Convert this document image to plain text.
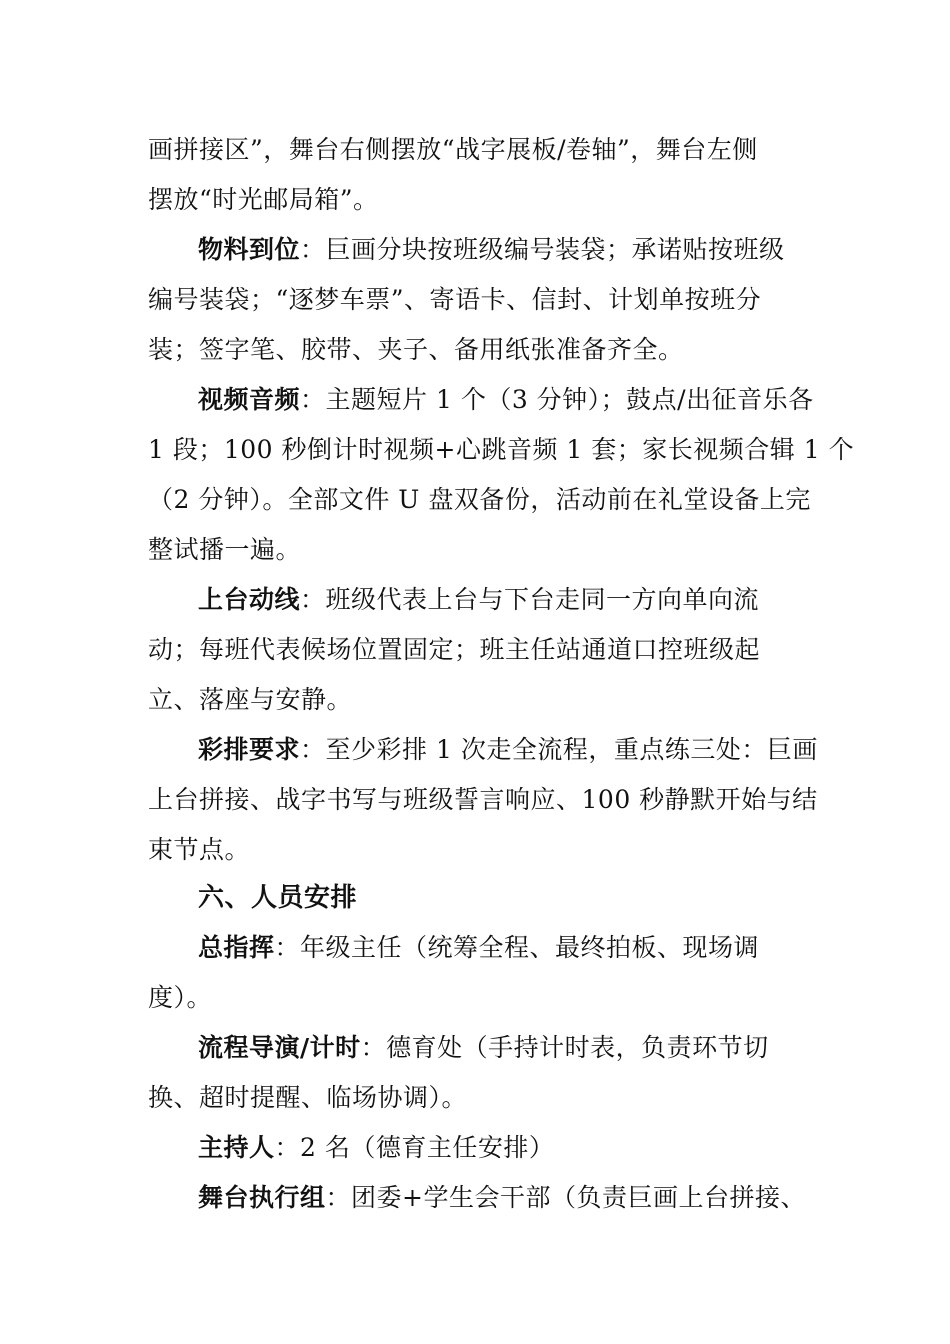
画拼接区”，舞台右侧摆放“战字展板/卷轴”，舞台左侧
摆放“时光邮局箱”。
物料到位：巨画分块按班级编号装袋；承诺贴按班级
编号装袋；“逐梦车票”、寄语卡、信封、计划单按班分
装；签字笔、胶带、夹子、备用纸张准备齐全。
视频音频：主题短片 1 个（3 分钟）；鼓点/出征音乐各
1 段；100 秒倒计时视频+心跳音频 1 套；家长视频合辑 1 个
（2 分钟）。全部文件 U 盘双备份，活动前在礼堂设备上完
整试播一遍。
上台动线：班级代表上台与下台走同一方向单向流
动；每班代表候场位置固定；班主任站通道口控班级起
立、落座与安静。
彩排要求：至少彩排 1 次走全流程，重点练三处：巨画
上台拼接、战字书写与班级誓言响应、100 秒静默开始与结
束节点。
六、人员安排
总指挥：年级主任（统筹全程、最终拍板、现场调
度）。
流程导演/计时：德育处（手持计时表，负责环节切
换、超时提醒、临场协调）。
主持人：2 名（德育主任安排）
舞台执行组：团委+学生会干部（负责巨画上台拼接、
